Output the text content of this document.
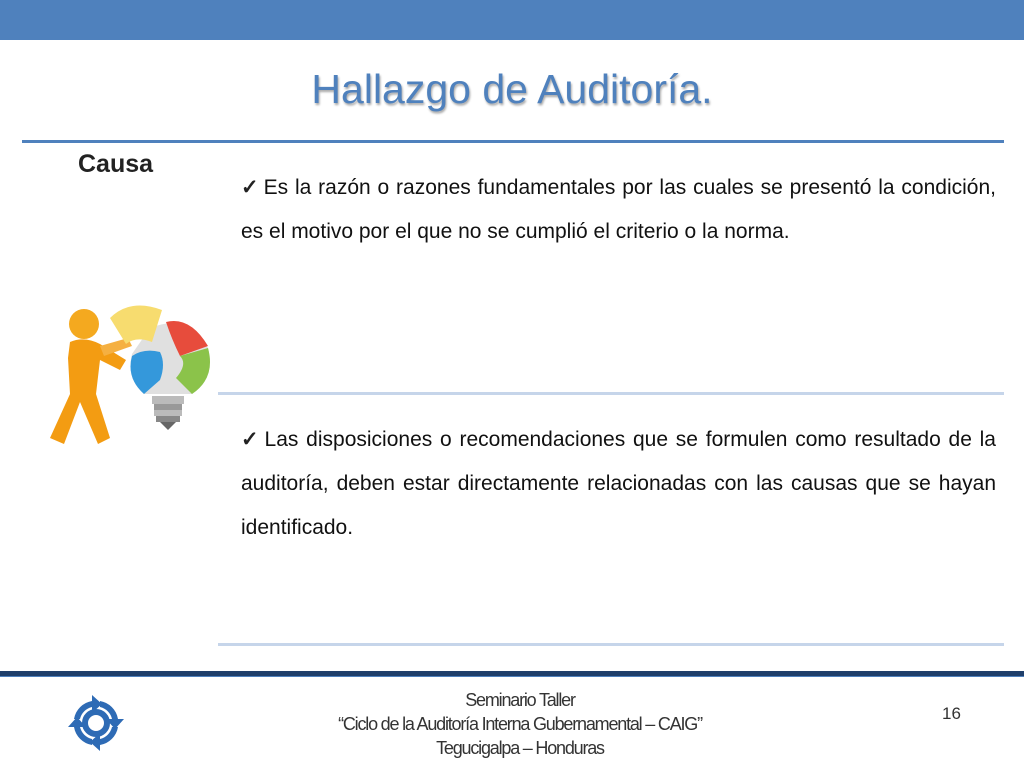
Hallazgo de Auditoría.
Causa
✓ Es la razón o razones fundamentales por las cuales se presentó la condición, es el motivo por el que no se cumplió el criterio o la norma.
✓ Las disposiciones o recomendaciones que se formulen como resultado de la auditoría, deben estar directamente relacionadas con las causas que se hayan identificado.
Seminario Taller
“Ciclo de la Auditoría Interna Gubernamental – CAIG”
Tegucigalpa – Honduras
16
